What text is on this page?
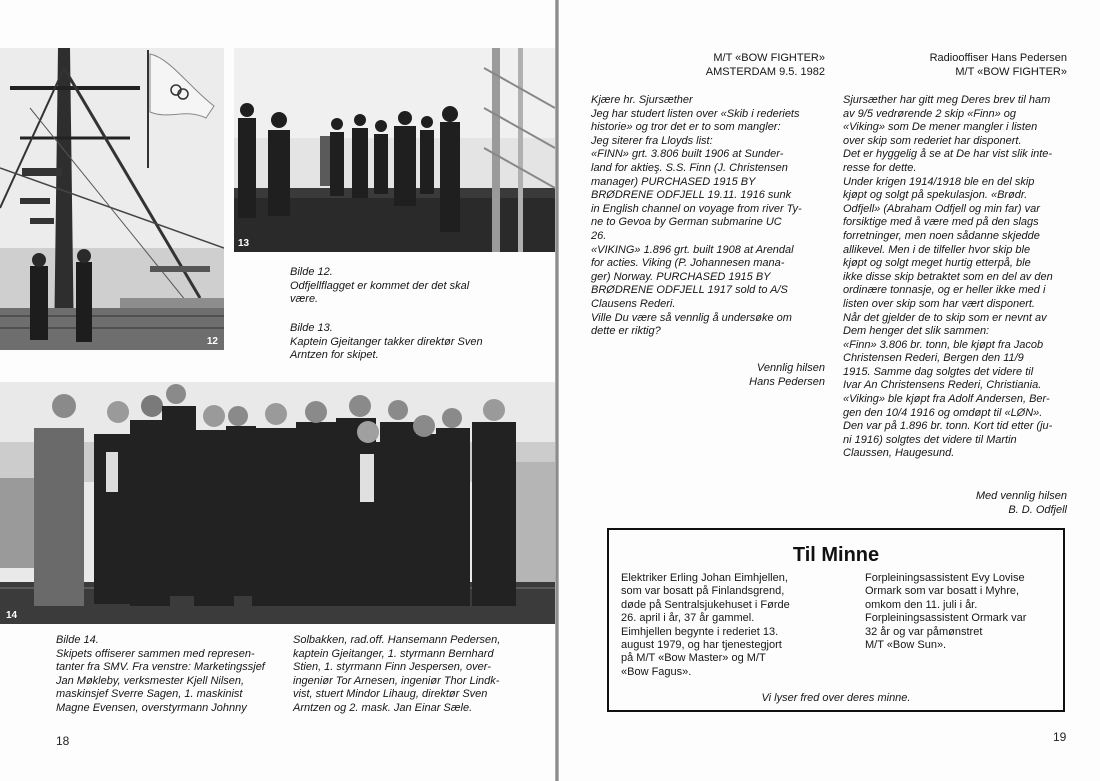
12
13

Bilde 12.

Odfjellflagget er kommet der det skal

være.

Bilde 13.

Kaptein Gjeitanger takker direktør Sven

Arntzen for skipet.

14

Bilde 14.

Skipets offiserer sammen med represen-

tanter fra SMV. Fra venstre: Marketingssjef

Jan Møkleby, verksmester Kjell Nilsen,

maskinsjef Sverre Sagen, 1. maskinist

Magne Evensen, overstyrmann Johnny

Solbakken, rad.off. Hansemann Pedersen,

kaptein Gjeitanger, 1. styrmann Bernhard

Stien, 1. styrmann Finn Jespersen, over-

ingeniør Tor Arnesen, ingeniør Thor Lindk-

vist, stuert Mindor Lihaug, direktør Sven

Arntzen og 2. mask. Jan Einar Sæle.

18
M/T «BOW FIGHTER»
AMSTERDAM 9.5. 1982

Kjære hr. Sjursæther

Jeg har studert listen over «Skib i rederiets

historie» og tror det er to som mangler:

Jeg siterer fra Lloyds list:

«FINN» grt. 3.806 built 1906 at Sunder-

land for aktieş. S.S. Finn (J. Christensen

manager) PURCHASED 1915 BY

BRØDRENE ODFJELL 19.11. 1916 sunk

in English channel on voyage from river Ty-

ne to Gevoa by German submarine UC

26.

«VIKING» 1.896 grt. built 1908 at Arendal

for acties. Viking (P. Johannesen mana-

ger) Norway. PURCHASED 1915 BY

BRØDRENE ODFJELL 1917 sold to A/S

Clausens Rederi.

Ville Du være så vennlig å undersøke om

dette er riktig?

Vennlig hilsen

Hans Pedersen

Radiooffiser Hans Pedersen
M/T «BOW FIGHTER»

Sjursæther har gitt meg Deres brev til ham

av 9/5 vedrørende 2 skip «Finn» og

«Viking» som De mener mangler i listen

over skip som rederiet har disponert.

Det er hyggelig å se at De har vist slik inte-

resse for dette.

Under krigen 1914/1918 ble en del skip

kjøpt og solgt på spekulasjon. «Brødr.

Odfjell» (Abraham Odfjell og min far) var

forsiktige med å være med på den slags

forretninger, men noen sådanne skjedde

allikevel. Men i de tilfeller hvor skip ble

kjøpt og solgt meget hurtig etterpå, ble

ikke disse skip betraktet som en del av den

ordinære tonnasje, og er heller ikke med i

listen over skip som har vært disponert.

Når det gjelder de to skip som er nevnt av

Dem henger det slik sammen:

«Finn» 3.806 br. tonn, ble kjøpt fra Jacob

Christensen Rederi, Bergen den 11/9

1915. Samme dag solgtes det videre til

Ivar An Christensens Rederi, Christiania.

«Viking» ble kjøpt fra Adolf Andersen, Ber-

gen den 10/4 1916 og omdøpt til «LØN».

Den var på 1.896 br. tonn. Kort tid etter (ju-

ni 1916) solgtes det videre til Martin

Claussen, Haugesund.

Med vennlig hilsen

B. D. Odfjell

Til Minne

Elektriker Erling Johan Eimhjellen,

som var bosatt på Finlandsgrend,

døde på Sentralsjukehuset i Førde

26. april i år, 37 år gammel.

Eimhjellen begynte i rederiet 13.

august 1979, og har tjenestegjort

på M/T «Bow Master» og M/T

«Bow Fagus».

Forpleiningsassistent Evy Lovise

Ormark som var bosatt i Myhre,

omkom den 11. juli i år.

Forpleiningsassistent Ormark var

32 år og var påmønstret

M/T «Bow Sun».

Vi lyser fred over deres minne.
19
